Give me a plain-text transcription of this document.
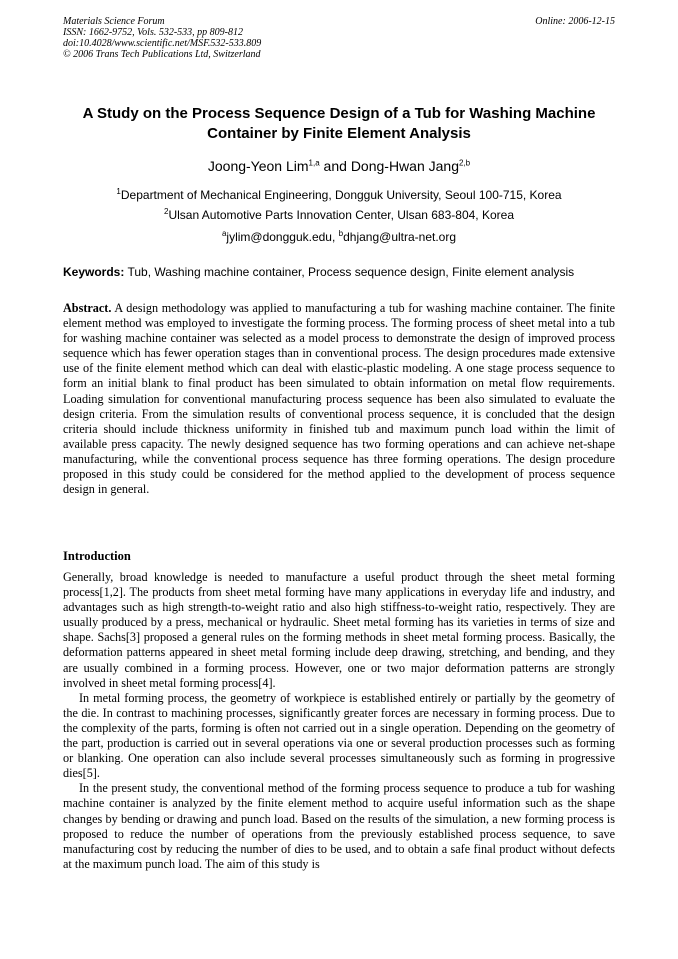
Materials Science Forum
ISSN: 1662-9752, Vols. 532-533, pp 809-812
doi:10.4028/www.scientific.net/MSF.532-533.809
© 2006 Trans Tech Publications Ltd, Switzerland
Online: 2006-12-15
A Study on the Process Sequence Design of a Tub for Washing Machine Container by Finite Element Analysis
Joong-Yeon Lim$^{1,a}$ and Dong-Hwan Jang$^{2,b}$
$^1$Department of Mechanical Engineering, Dongguk University, Seoul 100-715, Korea
$^2$Ulsan Automotive Parts Innovation Center, Ulsan 683-804, Korea
$^a$jylim@dongguk.edu, $^b$dhjang@ultra-net.org
Keywords: Tub, Washing machine container, Process sequence design, Finite element analysis
Abstract. A design methodology was applied to manufacturing a tub for washing machine container. The finite element method was employed to investigate the forming process. The forming process of sheet metal into a tub for washing machine container was selected as a model process to demonstrate the design of improved process sequence which has fewer operation stages than in conventional process. The design procedures made extensive use of the finite element method which can deal with elastic-plastic modeling. A one stage process sequence to form an initial blank to final product has been simulated to obtain information on metal flow requirements. Loading simulation for conventional manufacturing process sequence has been also simulated to evaluate the design criteria. From the simulation results of conventional process sequence, it is concluded that the design criteria should include thickness uniformity in finished tub and maximum punch load within the limit of available press capacity. The newly designed sequence has two forming operations and can achieve net-shape manufacturing, while the conventional process sequence has three forming operations. The design procedure proposed in this study could be considered for the method applied to the development of process sequence design in general.
Introduction

Generally, broad knowledge is needed to manufacture a useful product through the sheet metal forming process[1,2]. The products from sheet metal forming have many applications in everyday life and industry, and advantages such as high strength-to-weight ratio and also high stiffness-to-weight ratio, respectively. They are usually produced by a press, mechanical or hydraulic. Sheet metal forming has its varieties in terms of size and shape. Sachs[3] proposed a general rules on the forming methods in sheet metal forming process. Basically, the deformation patterns appeared in sheet metal forming include deep drawing, stretching, and bending, and they are usually combined in a forming process. However, one or two major deformation patterns are strongly involved in sheet metal forming process[4].

In metal forming process, the geometry of workpiece is established entirely or partially by the geometry of the die. In contrast to machining processes, significantly greater forces are necessary in forming process. Due to the complexity of the parts, forming is often not carried out in a single operation. Depending on the geometry of the part, production is carried out in several operations via one or several production processes such as forming or blanking. One operation can also include several processes simultaneously such as forming in progressive dies[5].

In the present study, the conventional method of the forming process sequence to produce a tub for washing machine container is analyzed by the finite element method to acquire useful information such as the shape changes by bending or drawing and punch load. Based on the results of the simulation, a new forming process is proposed to reduce the number of operations from the previously established process sequence, to save manufacturing cost by reducing the number of dies to be used, and to obtain a safe final product without defects at the maximum punch load. The aim of this study is
